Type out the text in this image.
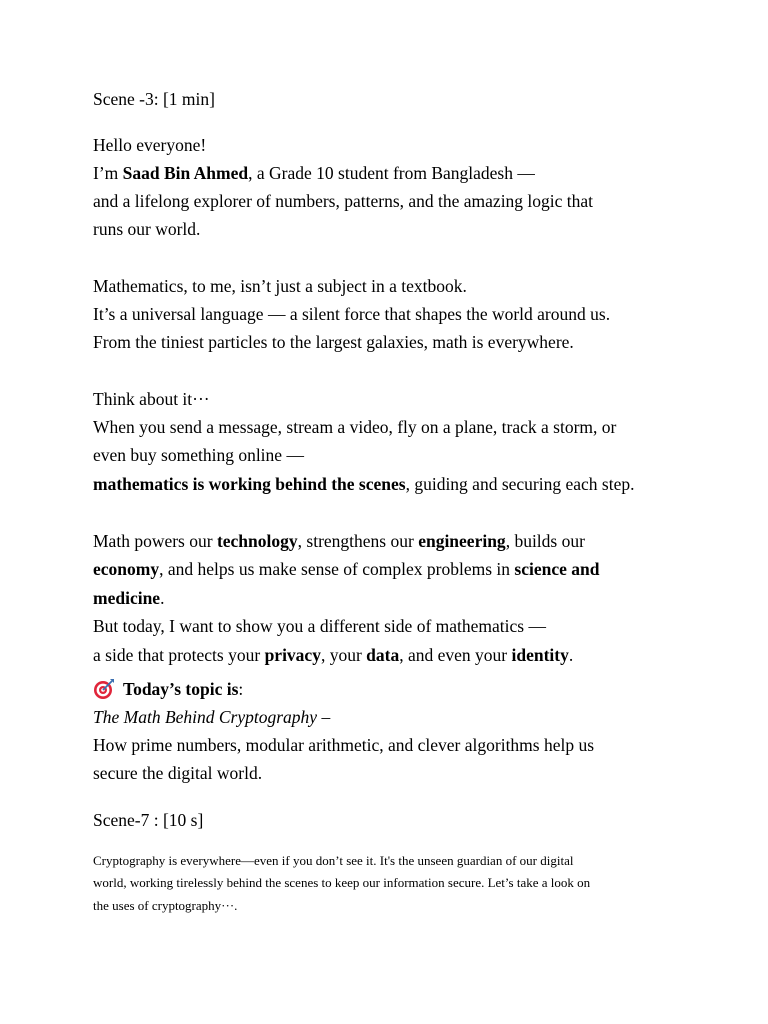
Scene -3: [1 min]
Hello everyone!
I’m Saad Bin Ahmed, a Grade 10 student from Bangladesh —
and a lifelong explorer of numbers, patterns, and the amazing logic that
runs our world.
Mathematics, to me, isn’t just a subject in a textbook.
It’s a universal language — a silent force that shapes the world around us.
From the tiniest particles to the largest galaxies, math is everywhere.
Think about it···
When you send a message, stream a video, fly on a plane, track a storm, or
even buy something online —
mathematics is working behind the scenes, guiding and securing each step.
Math powers our technology, strengthens our engineering, builds our
economy, and helps us make sense of complex problems in science and
medicine.
But today, I want to show you a different side of mathematics —
a side that protects your privacy, your data, and even your identity.
Today’s topic is:
The Math Behind Cryptography –
How prime numbers, modular arithmetic, and clever algorithms help us
secure the digital world.
Scene-7 : [10 s]
Cryptography is everywhere—even if you don’t see it. It's the unseen guardian of our digital
world, working tirelessly behind the scenes to keep our information secure. Let’s take a look on
the uses of cryptography···.
